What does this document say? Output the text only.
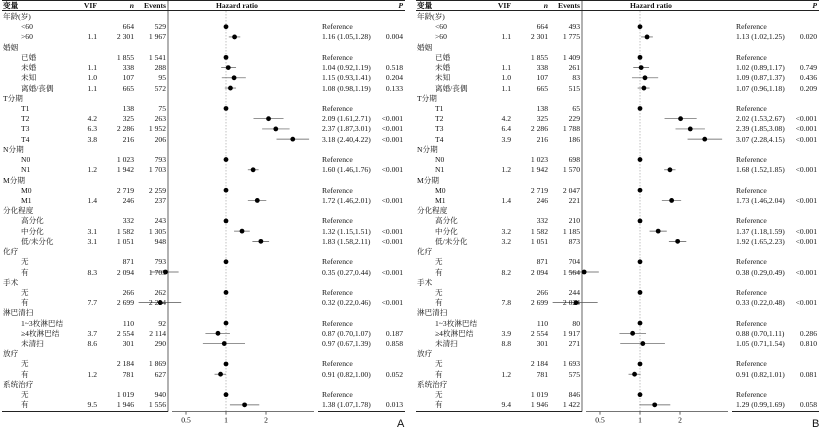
变量	VIF	n	Events	P
Hazard ratio
0.5	1	2
年龄(岁)
<60	664	529	Reference
>60	1.1	2 301	1 967	1.16 (1.05,1.28)	0.004
婚姻
已婚	1 855	1 541	Reference
未婚	1.1	338	288	1.04 (0.92,1.19)	0.518
未知	1.0	107	95	1.15 (0.93,1.41)	0.204
离婚/丧偶	1.1	665	572	1.08 (0.98,1.19)	0.133
T分期
T1	138	75	Reference
T2	4.2	325	263	2.09 (1.61,2.71)	<0.001
T3	6.3	2 286	1 952	2.37 (1.87,3.01)	<0.001
T4	3.8	216	206	3.18 (2.40,4.22)	<0.001
N分期
N0	1 023	793	Reference
N1	1.2	1 942	1 703	1.60 (1.46,1.76)	<0.001
M分期
M0	2 719	2 259	Reference
M1	1.4	246	237	1.72 (1.46,2.01)	<0.001
分化程度
高分化	332	243	Reference
中分化	3.1	1 582	1 305	1.32 (1.15,1.51)	<0.001
低/未分化	3.1	1 051	948	1.83 (1.58,2.11)	<0.001
化疗
无	871	793	Reference
有	8.3	2 094	1 703	0.35 (0.27,0.44)	<0.001
手术
无	266	262	Reference
有	7.7	2 699	2 234	0.32 (0.22,0.46)	<0.001
淋巴清扫
1~3枚淋巴结	110	92	Reference
≥4枚淋巴结	3.7	2 554	2 114	0.87 (0.70,1.07)	0.187
未清扫	8.6	301	290	0.97 (0.67,1.39)	0.858
放疗
无	2 184	1 869	Reference
有	1.2	781	627	0.91 (0.82,1.00)	0.052
系统治疗
无	1 019	940	Reference
有	9.5	1 946	1 556	1.38 (1.07,1.78)	0.013
变量	VIF	n	Events	P
Hazard ratio
0.5	1	2
年龄(岁)
<60	664	493	Reference
>60	1.1	2 301	1 775	1.13 (1.02,1.25)	0.020
婚姻
已婚	1 855	1 409	Reference
未婚	1.1	338	261	1.02 (0.89,1.17)	0.749
未知	1.0	107	83	1.09 (0.87,1.37)	0.436
离婚/丧偶	1.1	665	515	1.07 (0.96,1.18)	0.209
T分期
T1	138	65	Reference
T2	4.2	325	229	2.02 (1.53,2.67)	<0.001
T3	6.4	2 286	1 788	2.39 (1.85,3.08)	<0.001
T4	3.9	216	186	3.07 (2.28,4.15)	<0.001
N分期
N0	1 023	698	Reference
N1	1.2	1 942	1 570	1.68 (1.52,1.85)	<0.001
M分期
M0	2 719	2 047	Reference
M1	1.4	246	221	1.73 (1.46,2.04)	<0.001
分化程度
高分化	332	210	Reference
中分化	3.2	1 582	1 185	1.37 (1.18,1.59)	<0.001
低/未分化	3.2	1 051	873	1.92 (1.65,2.23)	<0.001
化疗
无	871	704	Reference
有	8.2	2 094	1 564	0.38 (0.29,0.49)	<0.001
手术
无	266	244	Reference
有	7.8	2 699	2 024	0.33 (0.22,0.48)	<0.001
淋巴清扫
1~3枚淋巴结	110	80	Reference
≥4枚淋巴结	3.9	2 554	1 917	0.88 (0.70,1.11)	0.286
未清扫	8.8	301	271	1.05 (0.71,1.54)	0.810
放疗
无	2 184	1 693	Reference
有	1.2	781	575	0.91 (0.82,1.01)	0.081
系统治疗
无	1 019	846	Reference
有	9.4	1 946	1 422	1.29 (0.99,1.69)	0.058
A	B
